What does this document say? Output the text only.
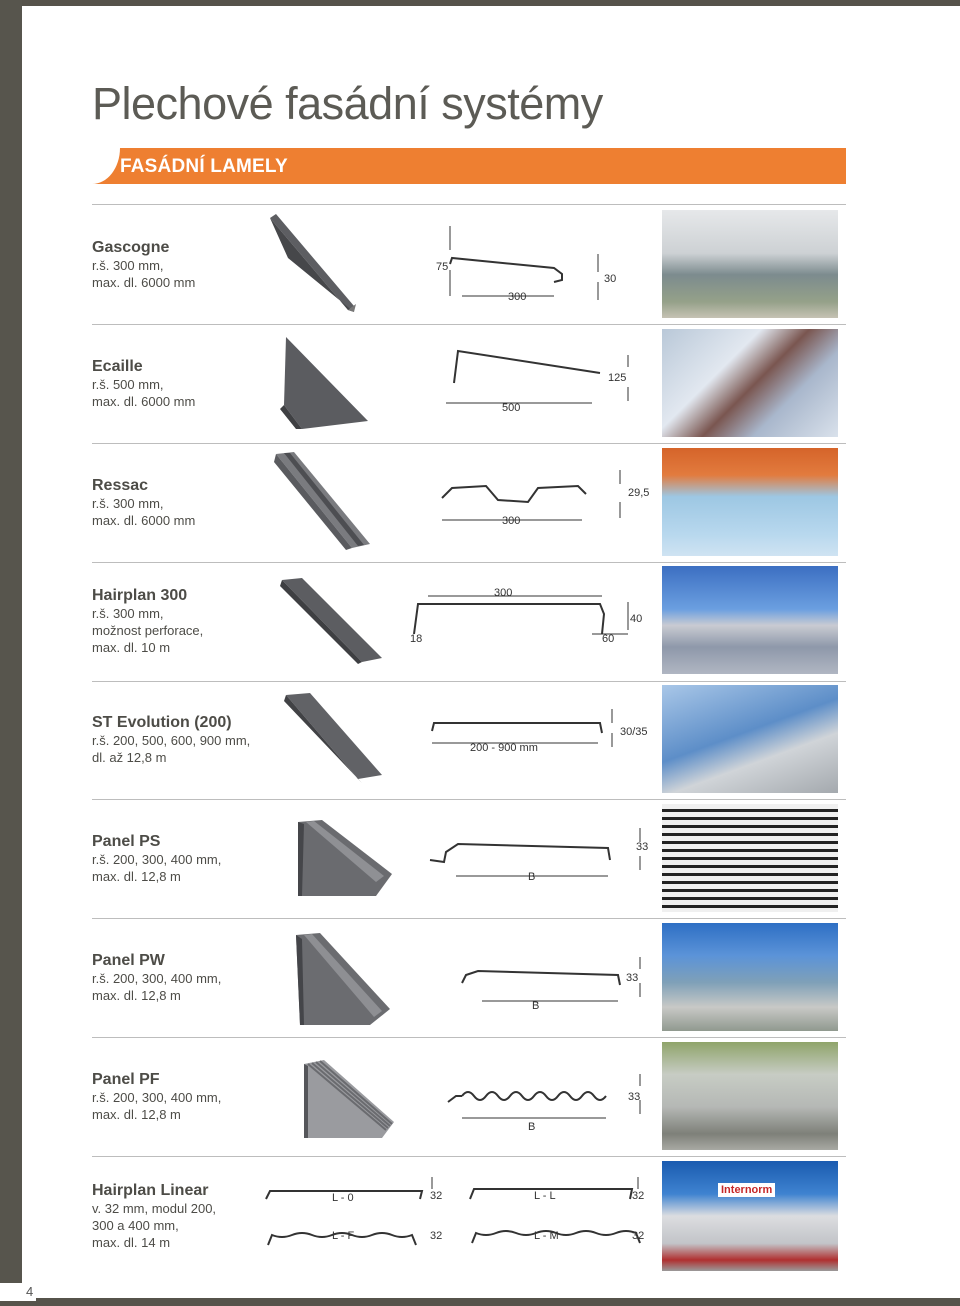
4
Plechové fasádní systémy
FASÁDNÍ LAMELY
Gascogne
r.š. 300 mm,
max. dl. 6000 mm
75
300
30
Ecaille
r.š. 500 mm,
max. dl. 6000 mm	500
125
Ressac
r.š. 300 mm,
max. dl. 6000 mm	300
29,5
Hairplan 300
r.š. 300 mm,
možnost perforace,
max. dl. 10 m
300
18	60
40
ST Evolution (200)
r.š. 200, 500, 600, 900 mm,
dl. až 12,8 m
200 - 900 mm
30/35
Panel PS
r.š. 200, 300, 400 mm,
max. dl. 12,8 m	B
33
Panel PW
r.š. 200, 300, 400 mm,
max. dl. 12,8 m
B
33
Panel PF
r.š. 200, 300, 400 mm,
max. dl. 12,8 m
B
33
Hairplan Linear
v. 32 mm, modul 200,
300 a 400 mm,
max. dl. 14 m
L - 0	32	L - L	32
L - F	32	L - M	32
Internorm
